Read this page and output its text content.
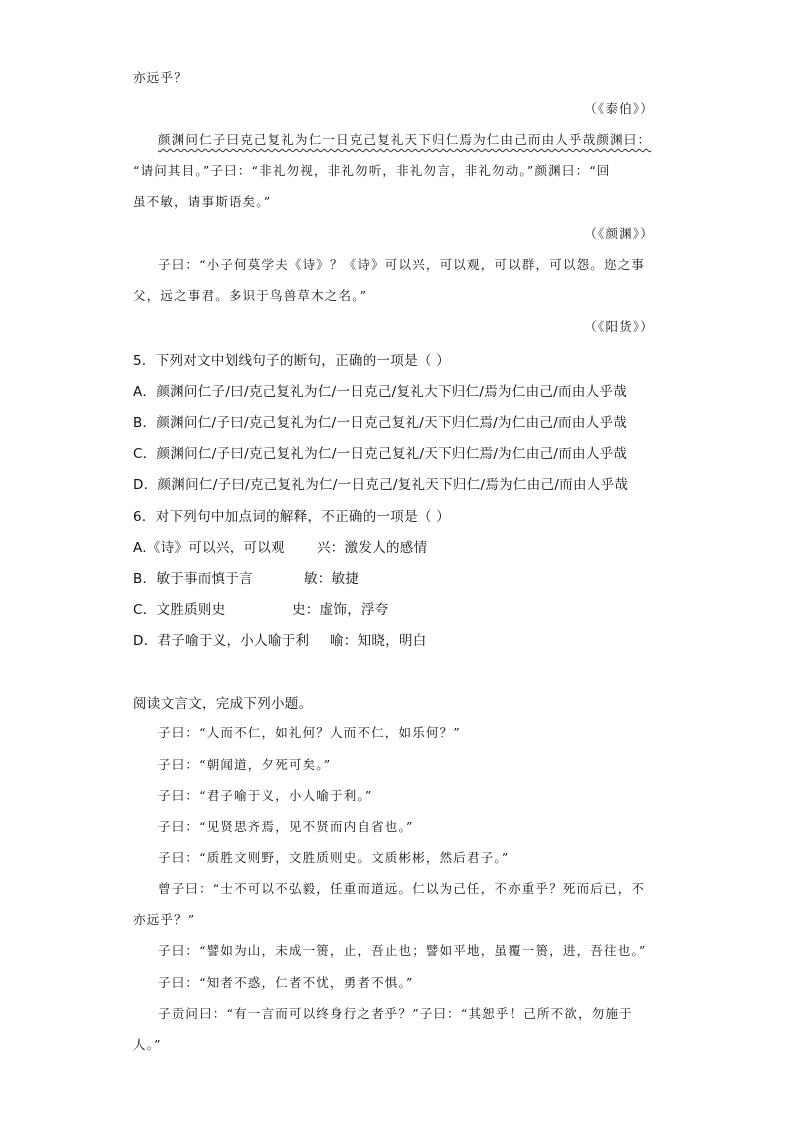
亦远乎？
（《泰伯》）
颜渊问仁子曰克己复礼为仁一日克己复礼天下归仁焉为仁由己而由人乎哉颜渊曰：
“请问其目。”子曰：“非礼勿视，非礼勿听，非礼勿言，非礼勿动。”颜渊曰：“回
虽不敏，请事斯语矣。”
（《颜渊》）
子曰：“小子何莫学夫《诗》？《诗》可以兴，可以观，可以群，可以怨。迩之事
父，远之事君。多识于鸟兽草木之名。”
（《阳货》）
5．下列对文中划线句子的断句，正确的一项是（ ）
A．颜渊问仁子/曰/克己复礼为仁/一日克己/复礼大下归仁/焉为仁由己/而由人乎哉
B．颜渊问仁/子曰/克己复礼为仁/一日克己复礼/天下归仁焉/为仁由己/而由人乎哉
C．颜渊问仁/子曰/克己复礼为仁/一日克己复礼/天下归仁焉/为仁由己/而由人乎哉
D．颜渊问仁/子曰/克己复礼为仁/一日克己/复礼天下归仁/焉为仁由己/而由人乎哉
6．对下列句中加点词的解释，不正确的一项是（ ）
A.《诗》可以兴，可以观 兴：激发人的感情
B．敏于事而慎于言	敏：敏捷
C．文胜质则史	史：虚饰，浮夸
D．君子喻于义，小人喻于利 喻：知晓，明白
阅读文言文，完成下列小题。
子曰：“人而不仁，如礼何？人而不仁，如乐何？”
子曰：“朝闻道，夕死可矣。”
子曰：“君子喻于义，小人喻于利。”
子曰：“见贤思齐焉，见不贤而内自省也。”
子曰：“质胜文则野，文胜质则史。文质彬彬，然后君子。”
曾子曰：“士不可以不弘毅，任重而道远。仁以为己任，不亦重乎？死而后已，不
亦远乎？”
子曰：“譬如为山，未成一篑，止，吾止也；譬如平地，虽覆一篑，进，吾往也。”
子曰：“知者不惑，仁者不忧，勇者不惧。”
子贡问曰：“有一言而可以终身行之者乎？”子曰：“其恕乎！己所不欲，勿施于
人。”
